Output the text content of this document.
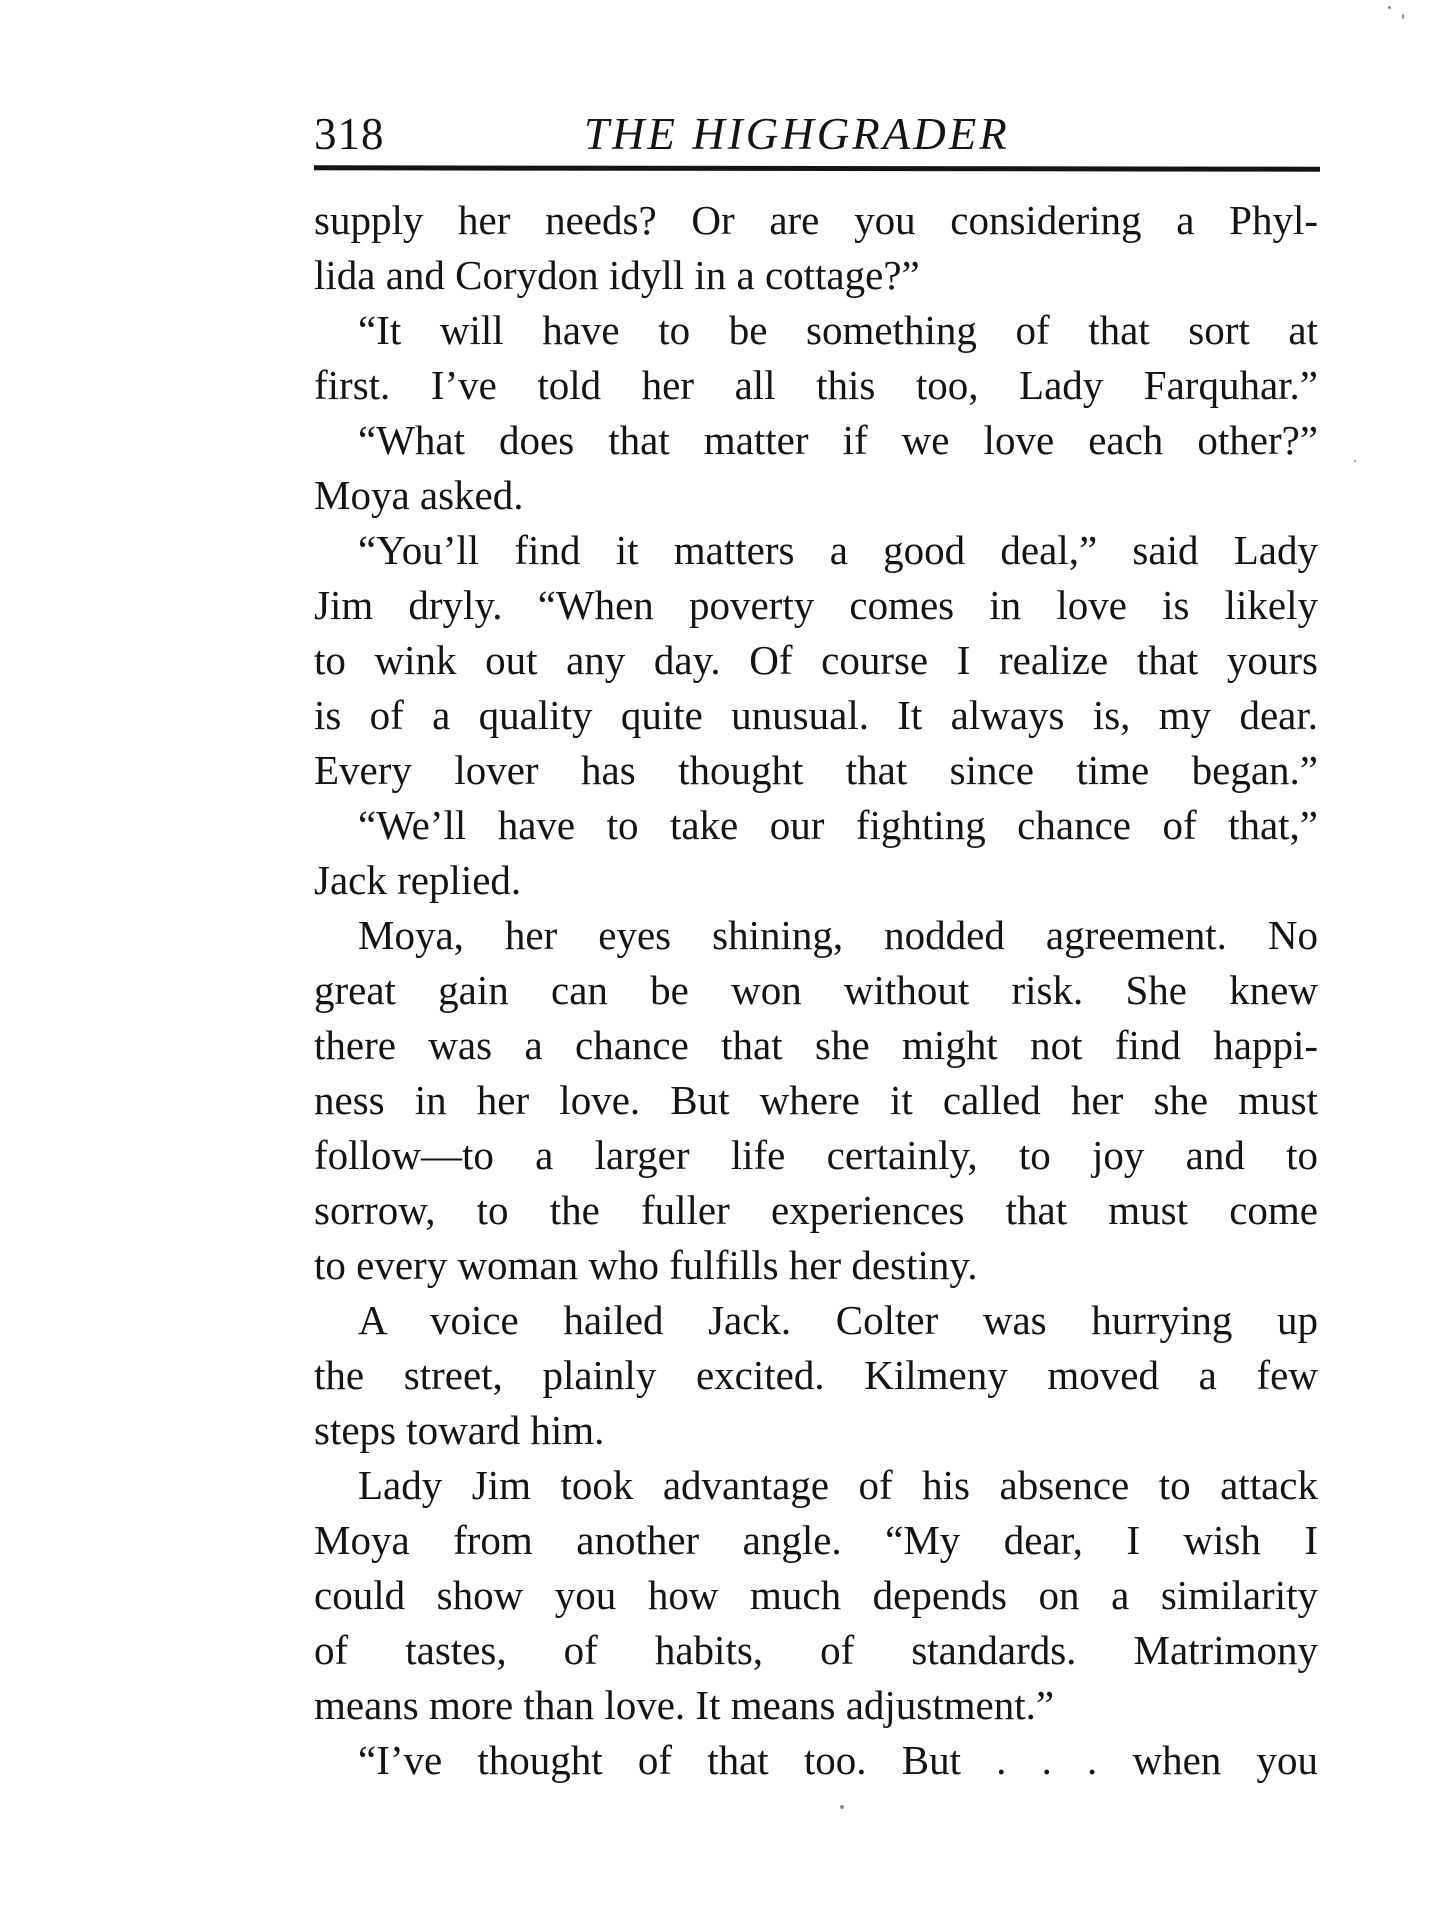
318	THE HIGHGRADER
supply her needs? Or are you considering a Phyl-
lida and Corydon idyll in a cottage?”
“It will have to be something of that sort at
first. I’ve told her all this too, Lady Farquhar.”
“What does that matter if we love each other?”
Moya asked.
“You’ll find it matters a good deal,” said Lady
Jim dryly. “When poverty comes in love is likely
to wink out any day. Of course I realize that yours
is of a quality quite unusual. It always is, my dear.
Every lover has thought that since time began.”
“We’ll have to take our fighting chance of that,”
Jack replied.
Moya, her eyes shining, nodded agreement. No
great gain can be won without risk. She knew
there was a chance that she might not find happi-
ness in her love. But where it called her she must
follow—to a larger life certainly, to joy and to
sorrow, to the fuller experiences that must come
to every woman who fulfills her destiny.
A voice hailed Jack. Colter was hurrying up
the street, plainly excited. Kilmeny moved a few
steps toward him.
Lady Jim took advantage of his absence to attack
Moya from another angle. “My dear, I wish I
could show you how much depends on a similarity
of tastes, of habits, of standards. Matrimony
means more than love. It means adjustment.”
“I’ve thought of that too. But . . . when you
